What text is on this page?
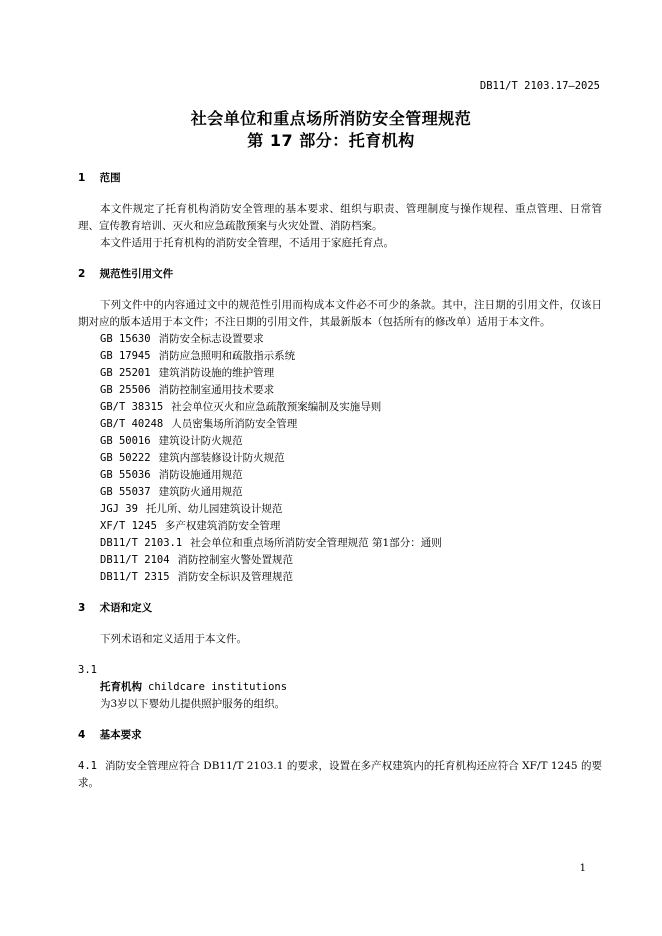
DB11/T 2103.17—2025
社会单位和重点场所消防安全管理规范
第 17 部分：托育机构

1 范围

本文件规定了托育机构消防安全管理的基本要求、组织与职责、管理制度与操作规程、重点管理、日常管理、宣传教育培训、灭火和应急疏散预案与火灾处置、消防档案。

本文件适用于托育机构的消防安全管理，不适用于家庭托育点。

2 规范性引用文件

下列文件中的内容通过文中的规范性引用而构成本文件必不可少的条款。其中，注日期的引用文件，仅该日期对应的版本适用于本文件；不注日期的引用文件，其最新版本（包括所有的修改单）适用于本文件。

GB 15630 消防安全标志设置要求

GB 17945 消防应急照明和疏散指示系统

GB 25201 建筑消防设施的维护管理

GB 25506 消防控制室通用技术要求

GB/T 38315 社会单位灭火和应急疏散预案编制及实施导则

GB/T 40248 人员密集场所消防安全管理

GB 50016 建筑设计防火规范

GB 50222 建筑内部装修设计防火规范

GB 55036 消防设施通用规范

GB 55037 建筑防火通用规范

JGJ 39 托儿所、幼儿园建筑设计规范

XF/T 1245 多产权建筑消防安全管理

DB11/T 2103.1 社会单位和重点场所消防安全管理规范 第1部分：通则

DB11/T 2104 消防控制室火警处置规范

DB11/T 2315 消防安全标识及管理规范

3 术语和定义

下列术语和定义适用于本文件。

3.1

托育机构 childcare institutions

为3岁以下婴幼儿提供照护服务的组织。

4 基本要求

4.1 消防安全管理应符合 DB11/T 2103.1 的要求，设置在多产权建筑内的托育机构还应符合 XF/T 1245 的要求。

1
